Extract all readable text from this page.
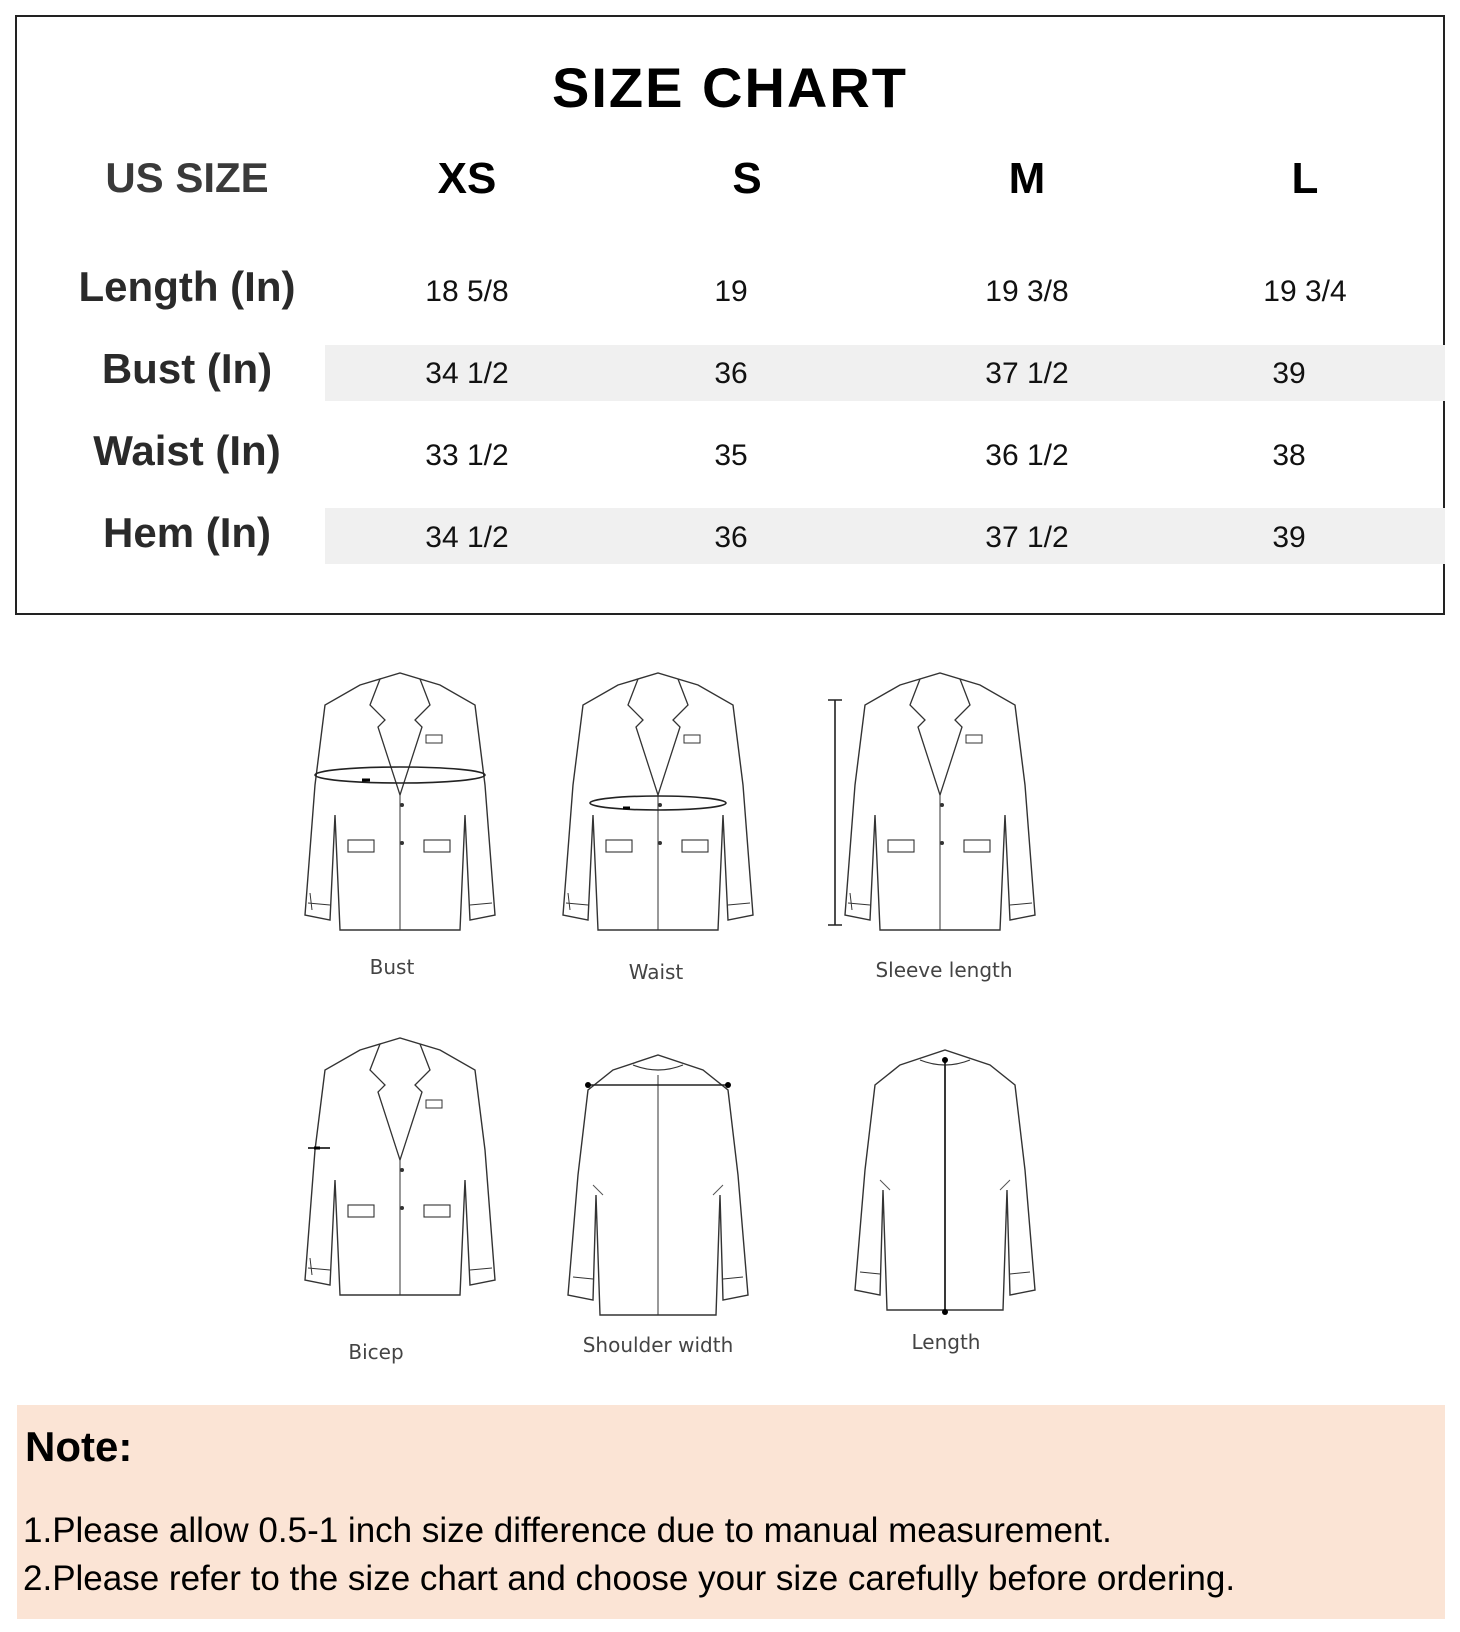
SIZE CHART
US SIZE	XS	S	M	L
Length (In)	18 5/8	19	19 3/8	19 3/4
Bust (In)	34 1/2	36	37 1/2	39
Waist (In)	33 1/2	35	36 1/2	38
Hem (In)	34 1/2	36	37 1/2	39
Bust	Waist	Sleeve length
Bicep	Shoulder width	Length
Note:
1.Please allow 0.5-1 inch size difference due to manual measurement.
2.Please refer to the size chart and choose your size carefully before ordering.
